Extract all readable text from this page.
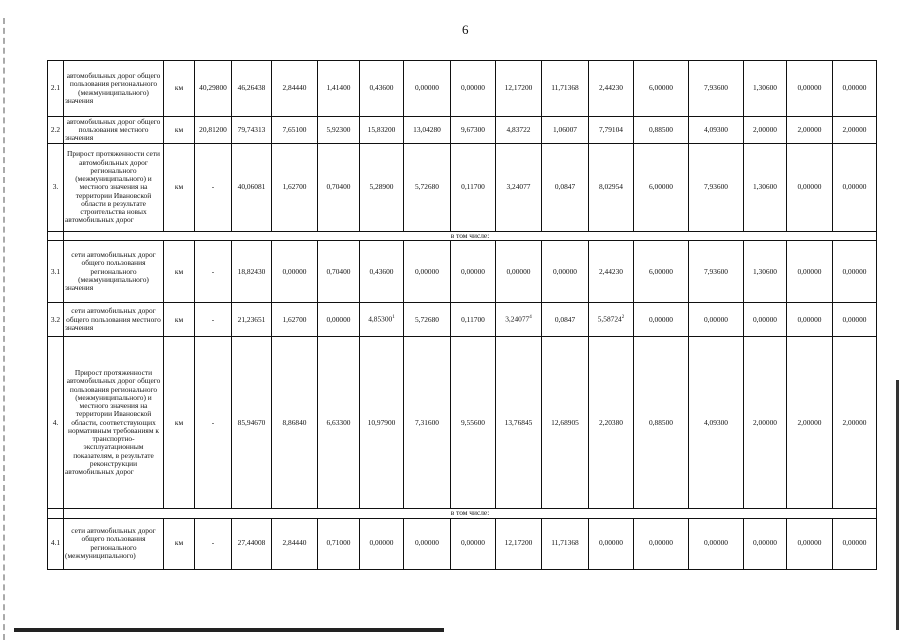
6
2.1	автомобильных дорог общего пользования регионального (межмуниципального) значения	км	40,29800	46,26438	2,84440	1,41400	0,43600	0,00000	0,00000	12,17200	11,71368	2,44230	6,00000	7,93600	1,30600	0,00000	0,00000
2.2	автомобильных дорог общего пользования местного значения	км	20,81200	79,74313	7,65100	5,92300	15,83200	13,04280	9,67300	4,83722	1,06007	7,79104	0,88500	4,09300	2,00000	2,00000	2,00000
3.	Прирост протяженности сети автомобильных дорог регионального (межмуниципального) и местного значения на территории Ивановской области в результате строительства новых автомобильных дорог	км	-	40,06081	1,62700	0,70400	5,28900	5,72680	0,11700	3,24077	0,0847	8,02954	6,00000	7,93600	1,30600	0,00000	0,00000
	в том числе:																
3.1	сети автомобильных дорог общего пользования регионального (межмуниципального) значения	км	-	18,82430	0,00000	0,70400	0,43600	0,00000	0,00000	0,00000	0,00000	2,44230	6,00000	7,93600	1,30600	0,00000	0,00000
3.2	сети автомобильных дорог общего пользования местного значения	км	-	21,23651	1,62700	0,00000	4,85300$^1$	5,72680	0,11700	3,24077$^4$	0,0847	5,58724$^2$	0,00000	0,00000	0,00000	0,00000	0,00000
4.	Прирост протяженности автомобильных дорог общего пользования регионального (межмуниципального) и местного значения на территории Ивановской области, соответствующих нормативным требованиям к транспортно-эксплуатационным показателям, в результате реконструкции автомобильных дорог	км	-	85,94670	8,86840	6,63300	10,97900	7,31600	9,55600	13,76845	12,68905	2,20380	0,88500	4,09300	2,00000	2,00000	2,00000
	в том числе:																
4.1	сети автомобильных дорог общего пользования регионального (межмуниципального)	км	-	27,44008	2,84440	0,71000	0,00000	0,00000	0,00000	12,17200	11,71368	0,00000	0,00000	0,00000	0,00000	0,00000	0,00000
